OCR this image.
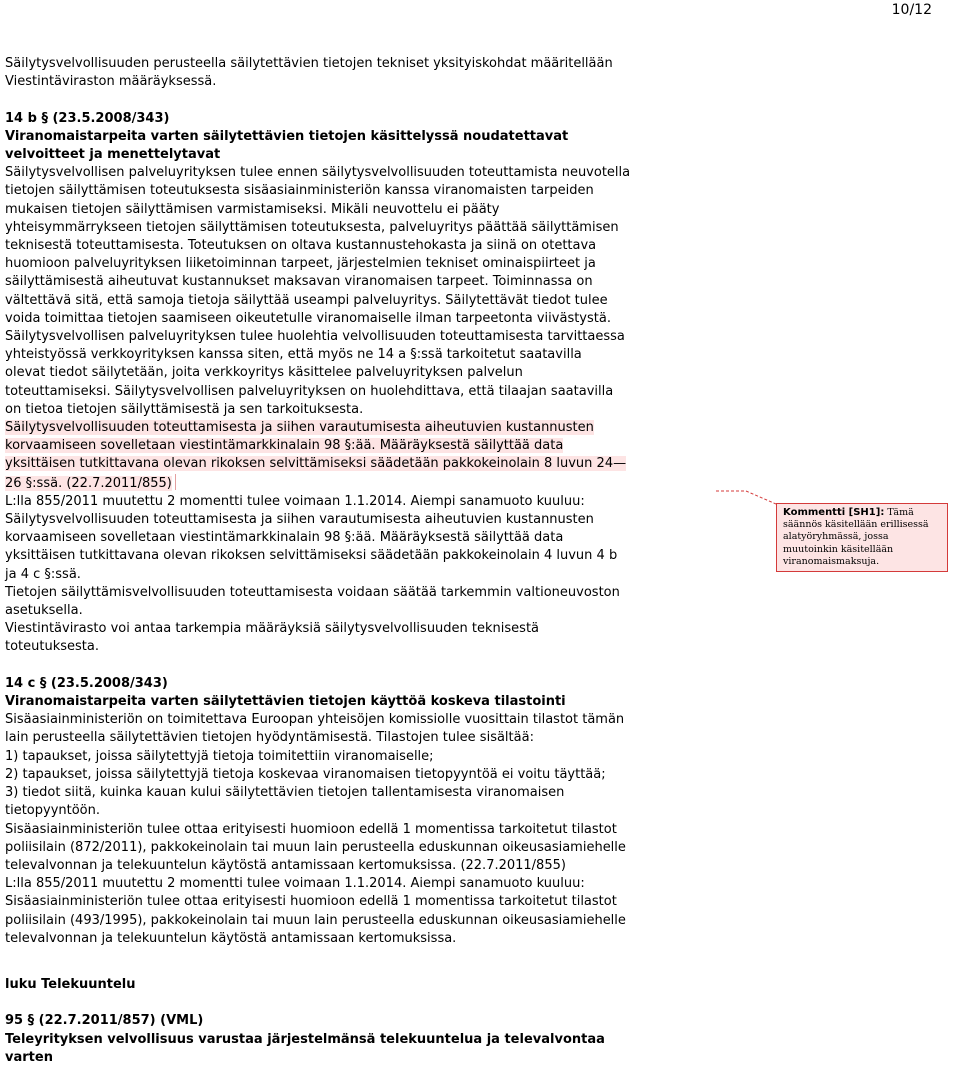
10/12

Säilytysvelvollisuuden perusteella säilytettävien tietojen tekniset yksityiskohdat määritellään

Viestintäviraston määräyksessä.

14 b § (23.5.2008/343)

Viranomaistarpeita varten säilytettävien tietojen käsittelyssä noudatettavat

velvoitteet ja menettelytavat

Säilytysvelvollisen palveluyrityksen tulee ennen säilytysvelvollisuuden toteuttamista neuvotella

tietojen säilyttämisen toteutuksesta sisäasiainministeriön kanssa viranomaisten tarpeiden

mukaisen tietojen säilyttämisen varmistamiseksi. Mikäli neuvottelu ei pääty

yhteisymmärrykseen tietojen säilyttämisen toteutuksesta, palveluyritys päättää säilyttämisen

teknisestä toteuttamisesta. Toteutuksen on oltava kustannustehokasta ja siinä on otettava

huomioon palveluyrityksen liiketoiminnan tarpeet, järjestelmien tekniset ominaispiirteet ja

säilyttämisestä aiheutuvat kustannukset maksavan viranomaisen tarpeet. Toiminnassa on

vältettävä sitä, että samoja tietoja säilyttää useampi palveluyritys. Säilytettävät tiedot tulee

voida toimittaa tietojen saamiseen oikeutetulle viranomaiselle ilman tarpeetonta viivästystä.

Säilytysvelvollisen palveluyrityksen tulee huolehtia velvollisuuden toteuttamisesta tarvittaessa

yhteistyössä verkkoyrityksen kanssa siten, että myös ne 14 a §:ssä tarkoitetut saatavilla

olevat tiedot säilytetään, joita verkkoyritys käsittelee palveluyrityksen palvelun

toteuttamiseksi. Säilytysvelvollisen palveluyrityksen on huolehdittava, että tilaajan saatavilla

on tietoa tietojen säilyttämisestä ja sen tarkoituksesta.

Säilytysvelvollisuuden toteuttamisesta ja siihen varautumisesta aiheutuvien kustannusten

korvaamiseen sovelletaan viestintämarkkinalain 98 §:ää. Määräyksestä säilyttää data

yksittäisen tutkittavana olevan rikoksen selvittämiseksi säädetään pakkokeinolain 8 luvun 24—

26 §:ssä. (22.7.2011/855)

L:lla 855/2011 muutettu 2 momentti tulee voimaan 1.1.2014. Aiempi sanamuoto kuuluu:

Säilytysvelvollisuuden toteuttamisesta ja siihen varautumisesta aiheutuvien kustannusten

korvaamiseen sovelletaan viestintämarkkinalain 98 §:ää. Määräyksestä säilyttää data

yksittäisen tutkittavana olevan rikoksen selvittämiseksi säädetään pakkokeinolain 4 luvun 4 b

ja 4 c §:ssä.

Tietojen säilyttämisvelvollisuuden toteuttamisesta voidaan säätää tarkemmin valtioneuvoston

asetuksella.

Viestintävirasto voi antaa tarkempia määräyksiä säilytysvelvollisuuden teknisestä

toteutuksesta.

14 c § (23.5.2008/343)

Viranomaistarpeita varten säilytettävien tietojen käyttöä koskeva tilastointi

Sisäasiainministeriön on toimitettava Euroopan yhteisöjen komissiolle vuosittain tilastot tämän

lain perusteella säilytettävien tietojen hyödyntämisestä. Tilastojen tulee sisältää:

1) tapaukset, joissa säilytettyjä tietoja toimitettiin viranomaiselle;

2) tapaukset, joissa säilytettyjä tietoja koskevaa viranomaisen tietopyyntöä ei voitu täyttää;

3) tiedot siitä, kuinka kauan kului säilytettävien tietojen tallentamisesta viranomaisen

tietopyyntöön.

Sisäasiainministeriön tulee ottaa erityisesti huomioon edellä 1 momentissa tarkoitetut tilastot

poliisilain (872/2011), pakkokeinolain tai muun lain perusteella eduskunnan oikeusasiamiehelle

televalvonnan ja telekuuntelun käytöstä antamissaan kertomuksissa. (22.7.2011/855)

L:lla 855/2011 muutettu 2 momentti tulee voimaan 1.1.2014. Aiempi sanamuoto kuuluu:

Sisäasiainministeriön tulee ottaa erityisesti huomioon edellä 1 momentissa tarkoitetut tilastot

poliisilain (493/1995), pakkokeinolain tai muun lain perusteella eduskunnan oikeusasiamiehelle

televalvonnan ja telekuuntelun käytöstä antamissaan kertomuksissa.

luku Telekuuntelu

95 § (22.7.2011/857) (VML)

Teleyrityksen velvollisuus varustaa järjestelmänsä telekuuntelua ja televalvontaa

varten

Kommentti [SH1]: Tämä säännös käsitellään erillisessä alatyöryhmässä, jossa muutoinkin käsitellään viranomaismaksuja.
